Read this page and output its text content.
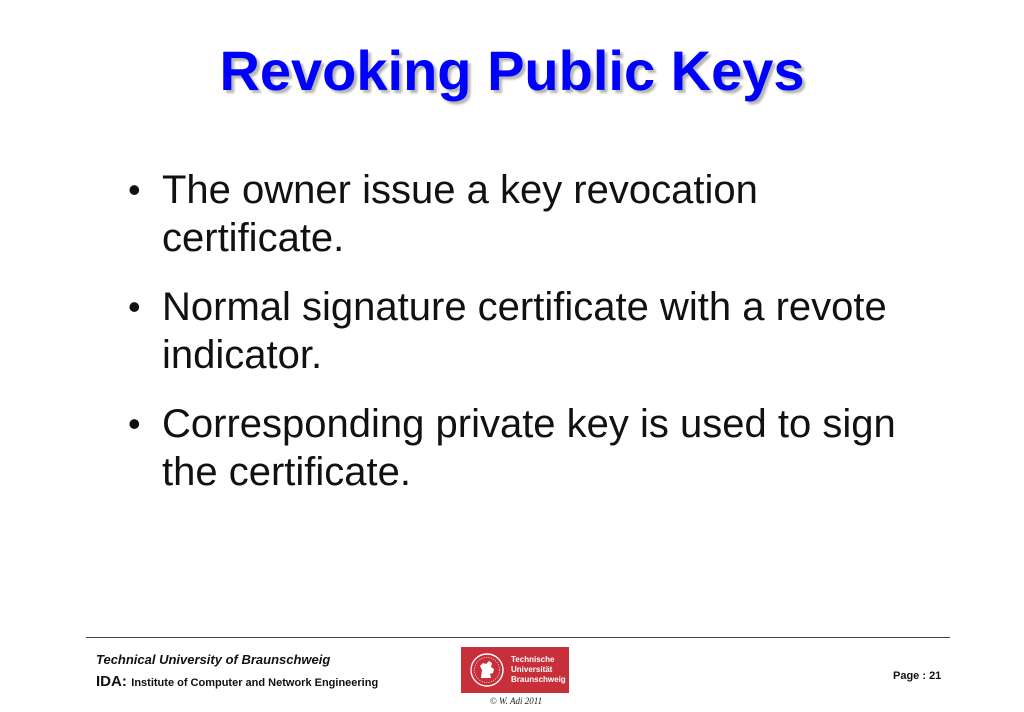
Revoking Public Keys
• The owner issue a key revocation certificate.
• Normal signature certificate with a revote indicator.
• Corresponding private key is used to sign the certificate.
Technical University of Braunschweig
IDA: Institute of Computer and Network Engineering
Technische
Universität
Braunschweig
© W. Adi 2011
Page : 21
